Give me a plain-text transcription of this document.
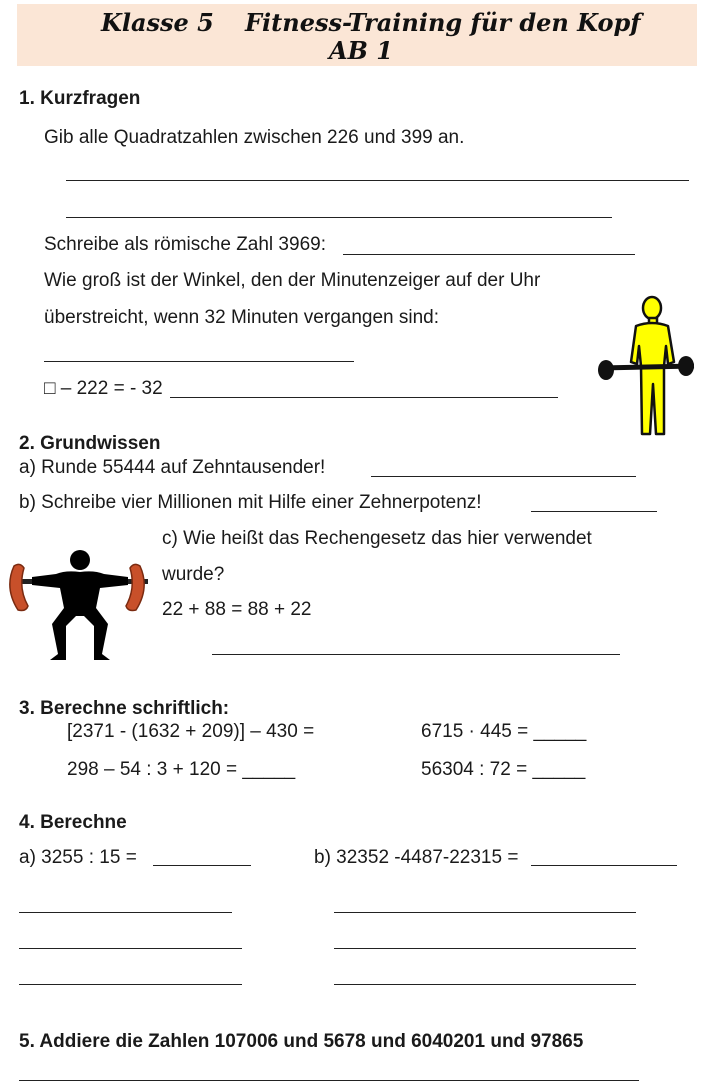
Klasse 5 Fitness-Training für den Kopf
AB 1
1. Kurzfragen
Gib alle Quadratzahlen zwischen 226 und 399 an.
Schreibe als römische Zahl 3969:
Wie groß ist der Winkel, den der Minutenzeiger auf der Uhr
überstreicht, wenn 32 Minuten vergangen sind:
□ – 222 = - 32
2. Grundwissen
a) Runde 55444 auf Zehntausender!
b) Schreibe vier Millionen mit Hilfe einer Zehnerpotenz!
c) Wie heißt das Rechengesetz das hier verwendet
wurde?
22 + 88 = 88 + 22
3. Berechne schriftlich:
[2371 - (1632 + 209)] – 430 =	6715 · 445 = _____
298 – 54 : 3 + 120 = _____	56304 : 72 = _____
4. Berechne
a) 3255 : 15 =	b) 32352 -4487-22315 =
5. Addiere die Zahlen 107006 und 5678 und 6040201 und 97865
